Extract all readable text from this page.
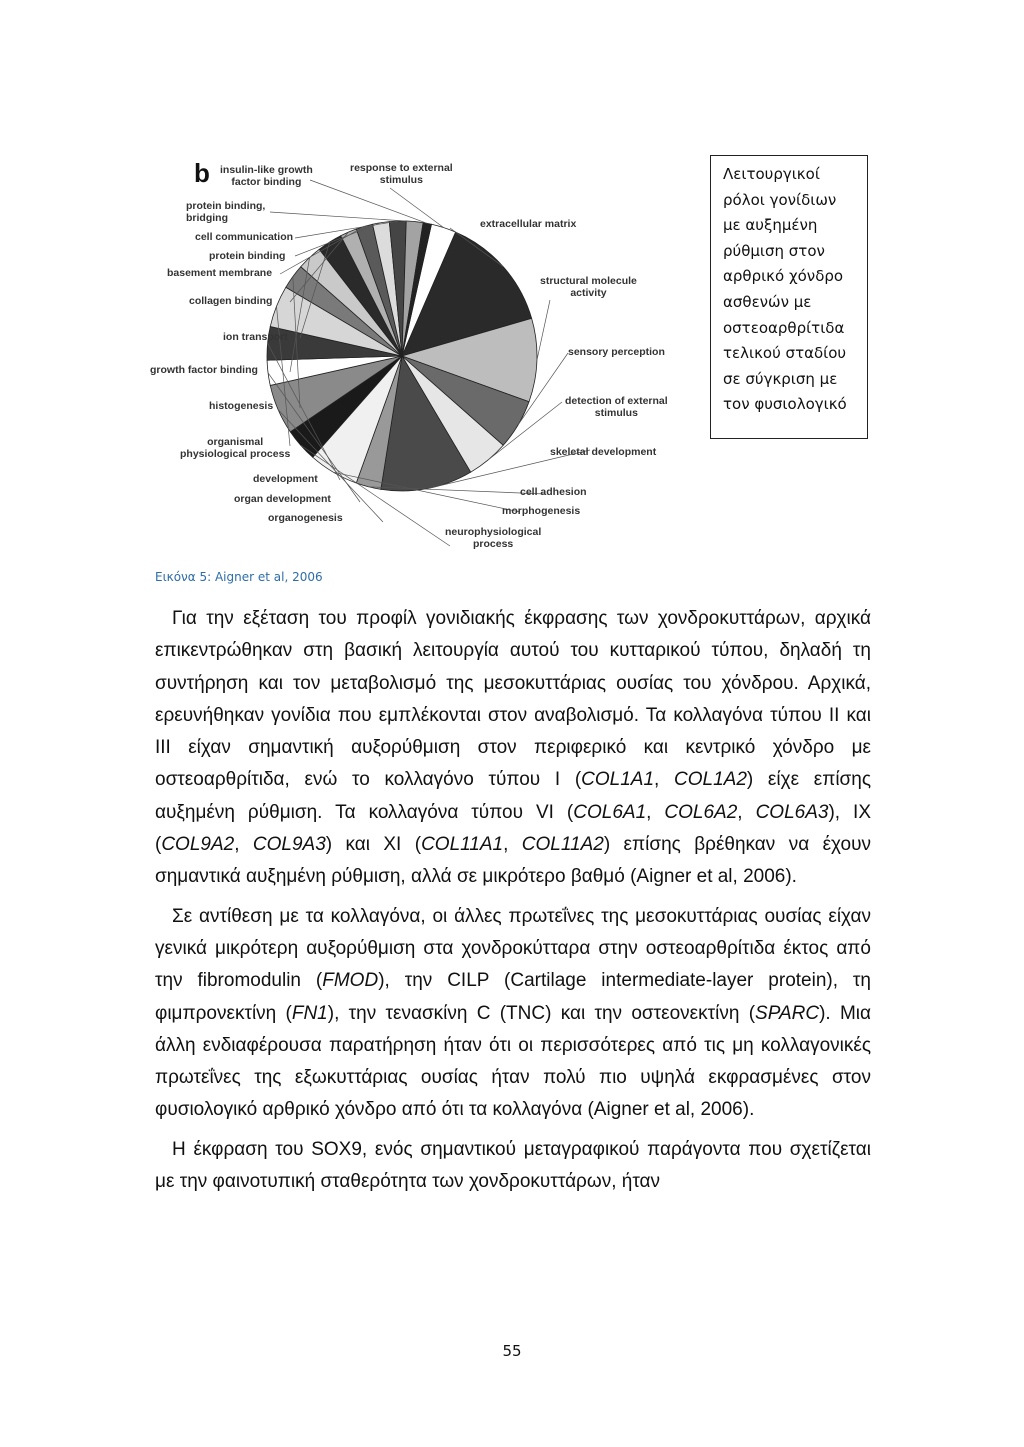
b insulin-like growth
factor binding
response to external
stimulus
protein binding,
bridging
cell communication
protein binding
basement membrane
collagen binding
ion transport
growth factor binding
histogenesis
organismal
physiological process
development
organ development
organogenesis
extracellular matrix
structural molecule
activity
sensory perception
detection of external
stimulus
skeletal development
cell adhesion
morphogenesis
neurophysiological
process
Λειτουργικοί
ρόλοι γονίδιων
με αυξημένη
ρύθμιση στον
αρθρικό χόνδρο
ασθενών με
οστεοαρθρίτιδα
τελικού σταδίου
σε σύγκριση με
τον φυσιολογικό
Εικόνα 5: Aigner et al, 2006

Για την εξέταση του προφίλ γονιδιακής έκφρασης των χονδροκυττάρων, αρχικά επικεντρώθηκαν στη βασική λειτουργία αυτού του κυτταρικού τύπου, δηλαδή τη συντήρηση και τον μεταβολισμό της μεσοκυττάριας ουσίας του χόνδρου. Αρχικά, ερευνήθηκαν γονίδια που εμπλέκονται στον αναβολισμό. Τα κολλαγόνα τύπου II και III είχαν σημαντική αυξορύθμιση στον περιφερικό και κεντρικό χόνδρο με οστεοαρθρίτιδα, ενώ το κολλαγόνο τύπου I (COL1A1, COL1A2) είχε επίσης αυξημένη ρύθμιση. Τα κολλαγόνα τύπου VI (COL6A1, COL6A2, COL6A3), IX (COL9A2, COL9A3) και XI (COL11A1, COL11A2) επίσης βρέθηκαν να έχουν σημαντικά αυξημένη ρύθμιση, αλλά σε μικρότερο βαθμό (Aigner et al, 2006).

Σε αντίθεση με τα κολλαγόνα, οι άλλες πρωτεΐνες της μεσοκυττάριας ουσίας είχαν γενικά μικρότερη αυξορύθμιση στα χονδροκύτταρα στην οστεοαρθρίτιδα έκτος από την fibromodulin (FMOD), την CILP (Cartilage intermediate-layer protein), τη φιμπρονεκτίνη (FN1), την τενασκίνη C (TNC) και την οστεονεκτίνη (SPARC). Μια άλλη ενδιαφέρουσα παρατήρηση ήταν ότι οι περισσότερες από τις μη κολλαγονικές πρωτεΐνες της εξωκυττάριας ουσίας ήταν πολύ πιο υψηλά εκφρασμένες στον φυσιολογικό αρθρικό χόνδρο από ότι τα κολλαγόνα (Aigner et al, 2006).

Η έκφραση του SOX9, ενός σημαντικού μεταγραφικού παράγοντα που σχετίζεται με την φαινοτυπική σταθερότητα των χονδροκυττάρων, ήταν

55
